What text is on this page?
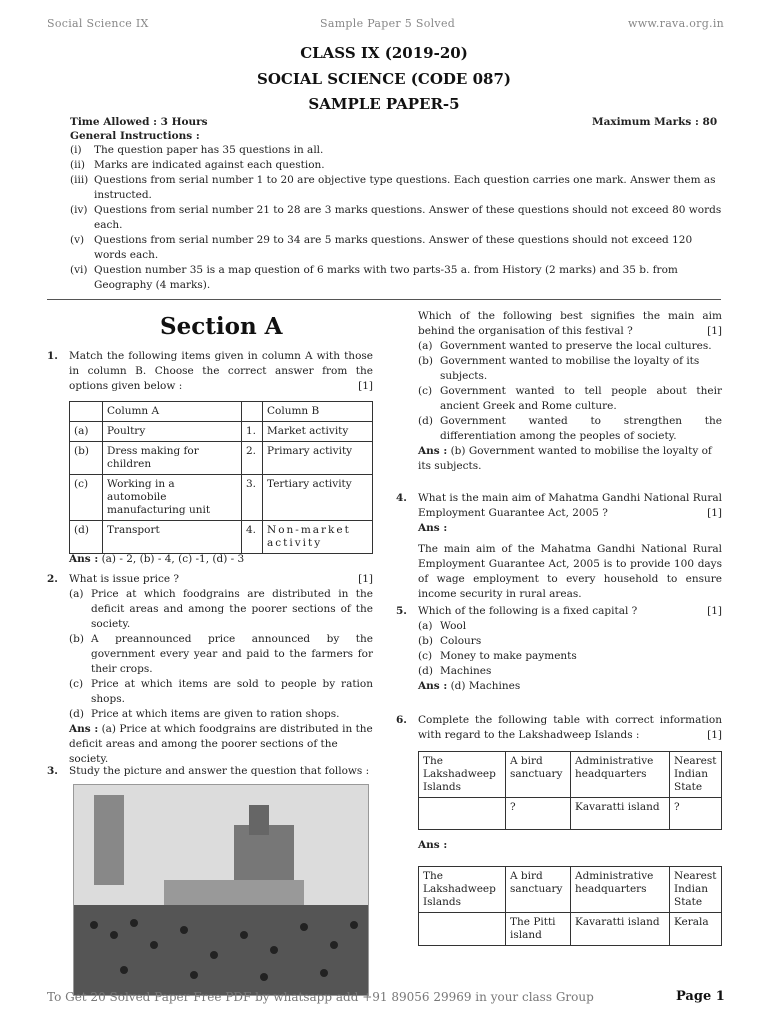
Social Science IX	Sample Paper 5 Solved	www.rava.org.in
CLASS IX (2019-20)
SOCIAL SCIENCE (CODE 087)
SAMPLE PAPER-5
Time Allowed : 3 Hours	Maximum Marks : 80
General Instructions :
(i)	The question paper has 35 questions in all.
(ii) Marks are indicated against each question.
(iii) Questions from serial number 1 to 20 are objective type questions. Each question carries one mark. Answer them as instructed.
(iv) Questions from serial number 21 to 28 are 3 marks questions. Answer of these questions should not exceed 80 words each.
(v) Questions from serial number 29 to 34 are 5 marks questions. Answer of these questions should not exceed 120 words each.
(vi) Question number 35 is a map question of 6 marks with two parts-35 a. from History (2 marks) and 35 b. from Geography (4 marks).
Section A
1. Match the following items given in column A with those in column B. Choose the correct answer from the options given below :	[1]
	Column A		Column B
(a)	Poultry	1.	Market activity
(b)	Dress making for children	2.	Primary activity
(c)	Working in a automobile manufacturing unit	3.	Tertiary activity
(d)	Transport	4.	Non-market activity
Ans : (a) - 2, (b) - 4, (c) -1, (d) - 3
2. What is issue price ?	[1]
(a) Price at which foodgrains are distributed in the deficit areas and among the poorer sections of the society.
(b) A preannounced price announced by the government every year and paid to the farmers for their crops.
(c) Price at which items are sold to people by ration shops.
(d) Price at which items are given to ration shops.
Ans : (a) Price at which foodgrains are distributed in the deficit areas and among the poorer sections of the society.
3. Study the picture and answer the question that follows :
Which of the following best signifies the main aim behind the organisation of this festival ?	[1]
(a) Government wanted to preserve the local cultures.
(b) Government wanted to mobilise the loyalty of its subjects.
(c) Government wanted to tell people about their ancient Greek and Rome culture.
(d) Government wanted to strengthen the differentiation among the peoples of society.
Ans : (b) Government wanted to mobilise the loyalty of its subjects.
4. What is the main aim of Mahatma Gandhi National Rural Employment Guarantee Act, 2005 ?	[1]
Ans :
The main aim of the Mahatma Gandhi National Rural Employment Guarantee Act, 2005 is to provide 100 days of wage employment to every household to ensure income security in rural areas.
5. Which of the following is a fixed capital ?	[1]
(a) Wool
(b) Colours
(c) Money to make payments
(d) Machines
Ans : (d) Machines
6. Complete the following table with correct information with regard to the Lakshadweep Islands :	[1]
The Lakshadweep Islands	A bird sanctuary	Administrative headquarters	Nearest Indian State
	?	Kavaratti island	?
Ans :
The Lakshadweep Islands	A bird sanctuary	Administrative headquarters	Nearest Indian State
	The Pitti island	Kavaratti island	Kerala
To Get 20 Solved Paper Free PDF by whatsapp add +91 89056 29969 in your class Group	Page 1
